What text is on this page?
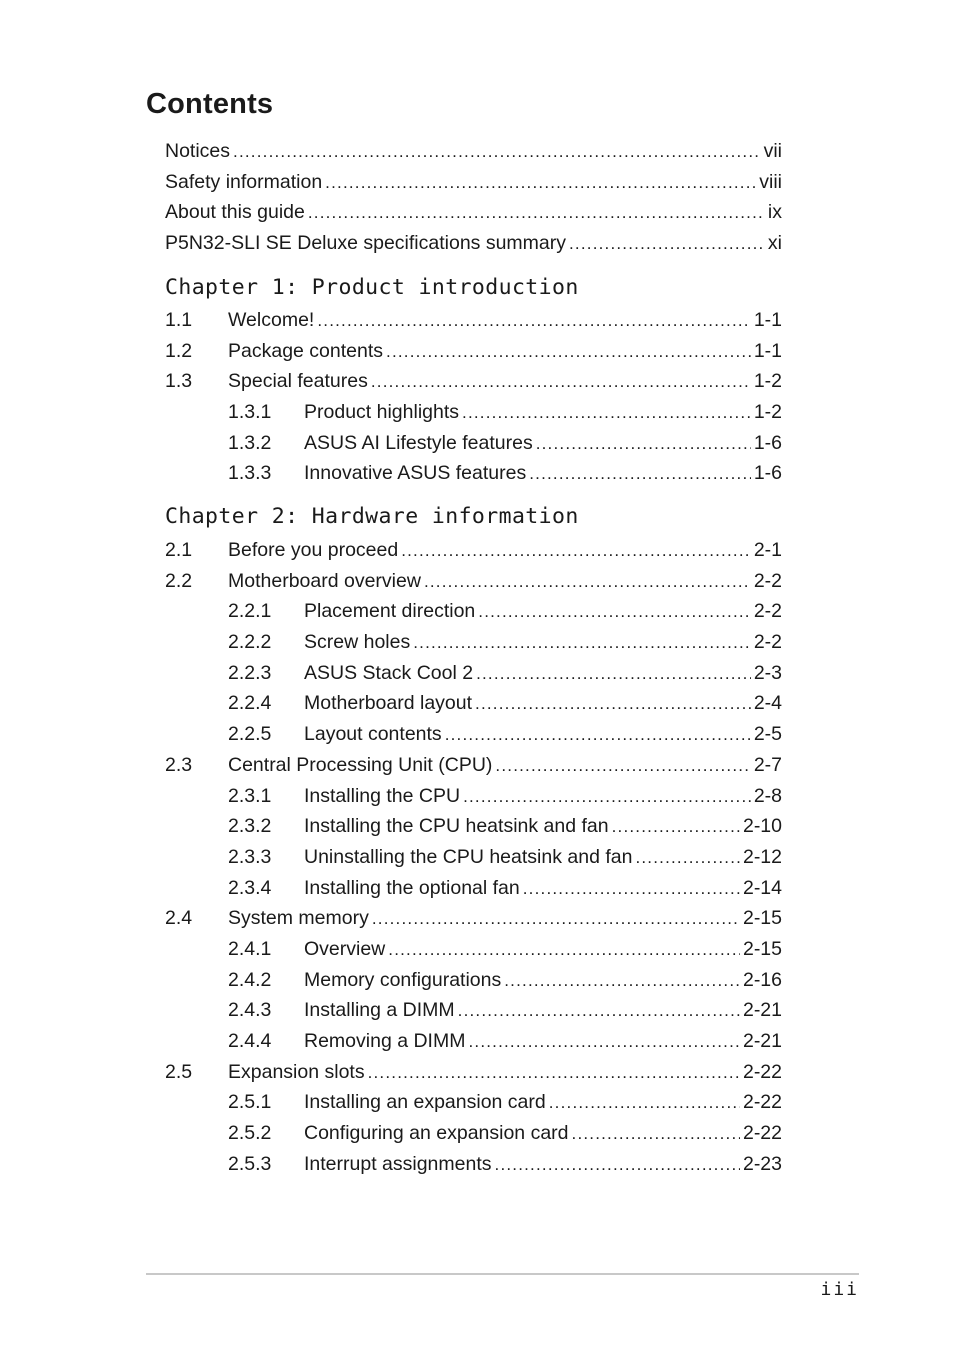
Contents
Notices .....	vii
Safety information .....	viii
About this guide .....	ix
P5N32-SLI SE Deluxe specifications summary .....	xi
Chapter 1: Product introduction
1.1 Welcome! .....	1-1
1.2 Package contents .....	1-1
1.3 Special features .....	1-2
1.3.1 Product highlights .....	1-2
1.3.2 ASUS AI Lifestyle features .....	1-6
1.3.3 Innovative ASUS features .....	1-6
Chapter 2: Hardware information
2.1 Before you proceed .....	2-1
2.2 Motherboard overview .....	2-2
2.2.1 Placement direction .....	2-2
2.2.2 Screw holes .....	2-2
2.2.3 ASUS Stack Cool 2 .....	2-3
2.2.4 Motherboard layout .....	2-4
2.2.5 Layout contents .....	2-5
2.3 Central Processing Unit (CPU) .....	2-7
2.3.1 Installing the CPU .....	2-8
2.3.2 Installing the CPU heatsink and fan .....	2-10
2.3.3 Uninstalling the CPU heatsink and fan .....	2-12
2.3.4 Installing the optional fan .....	2-14
2.4 System memory .....	2-15
2.4.1 Overview .....	2-15
2.4.2 Memory configurations .....	2-16
2.4.3 Installing a DIMM .....	2-21
2.4.4 Removing a DIMM .....	2-21
2.5 Expansion slots .....	2-22
2.5.1 Installing an expansion card .....	2-22
2.5.2 Configuring an expansion card .....	2-22
2.5.3 Interrupt assignments .....	2-23
iii
